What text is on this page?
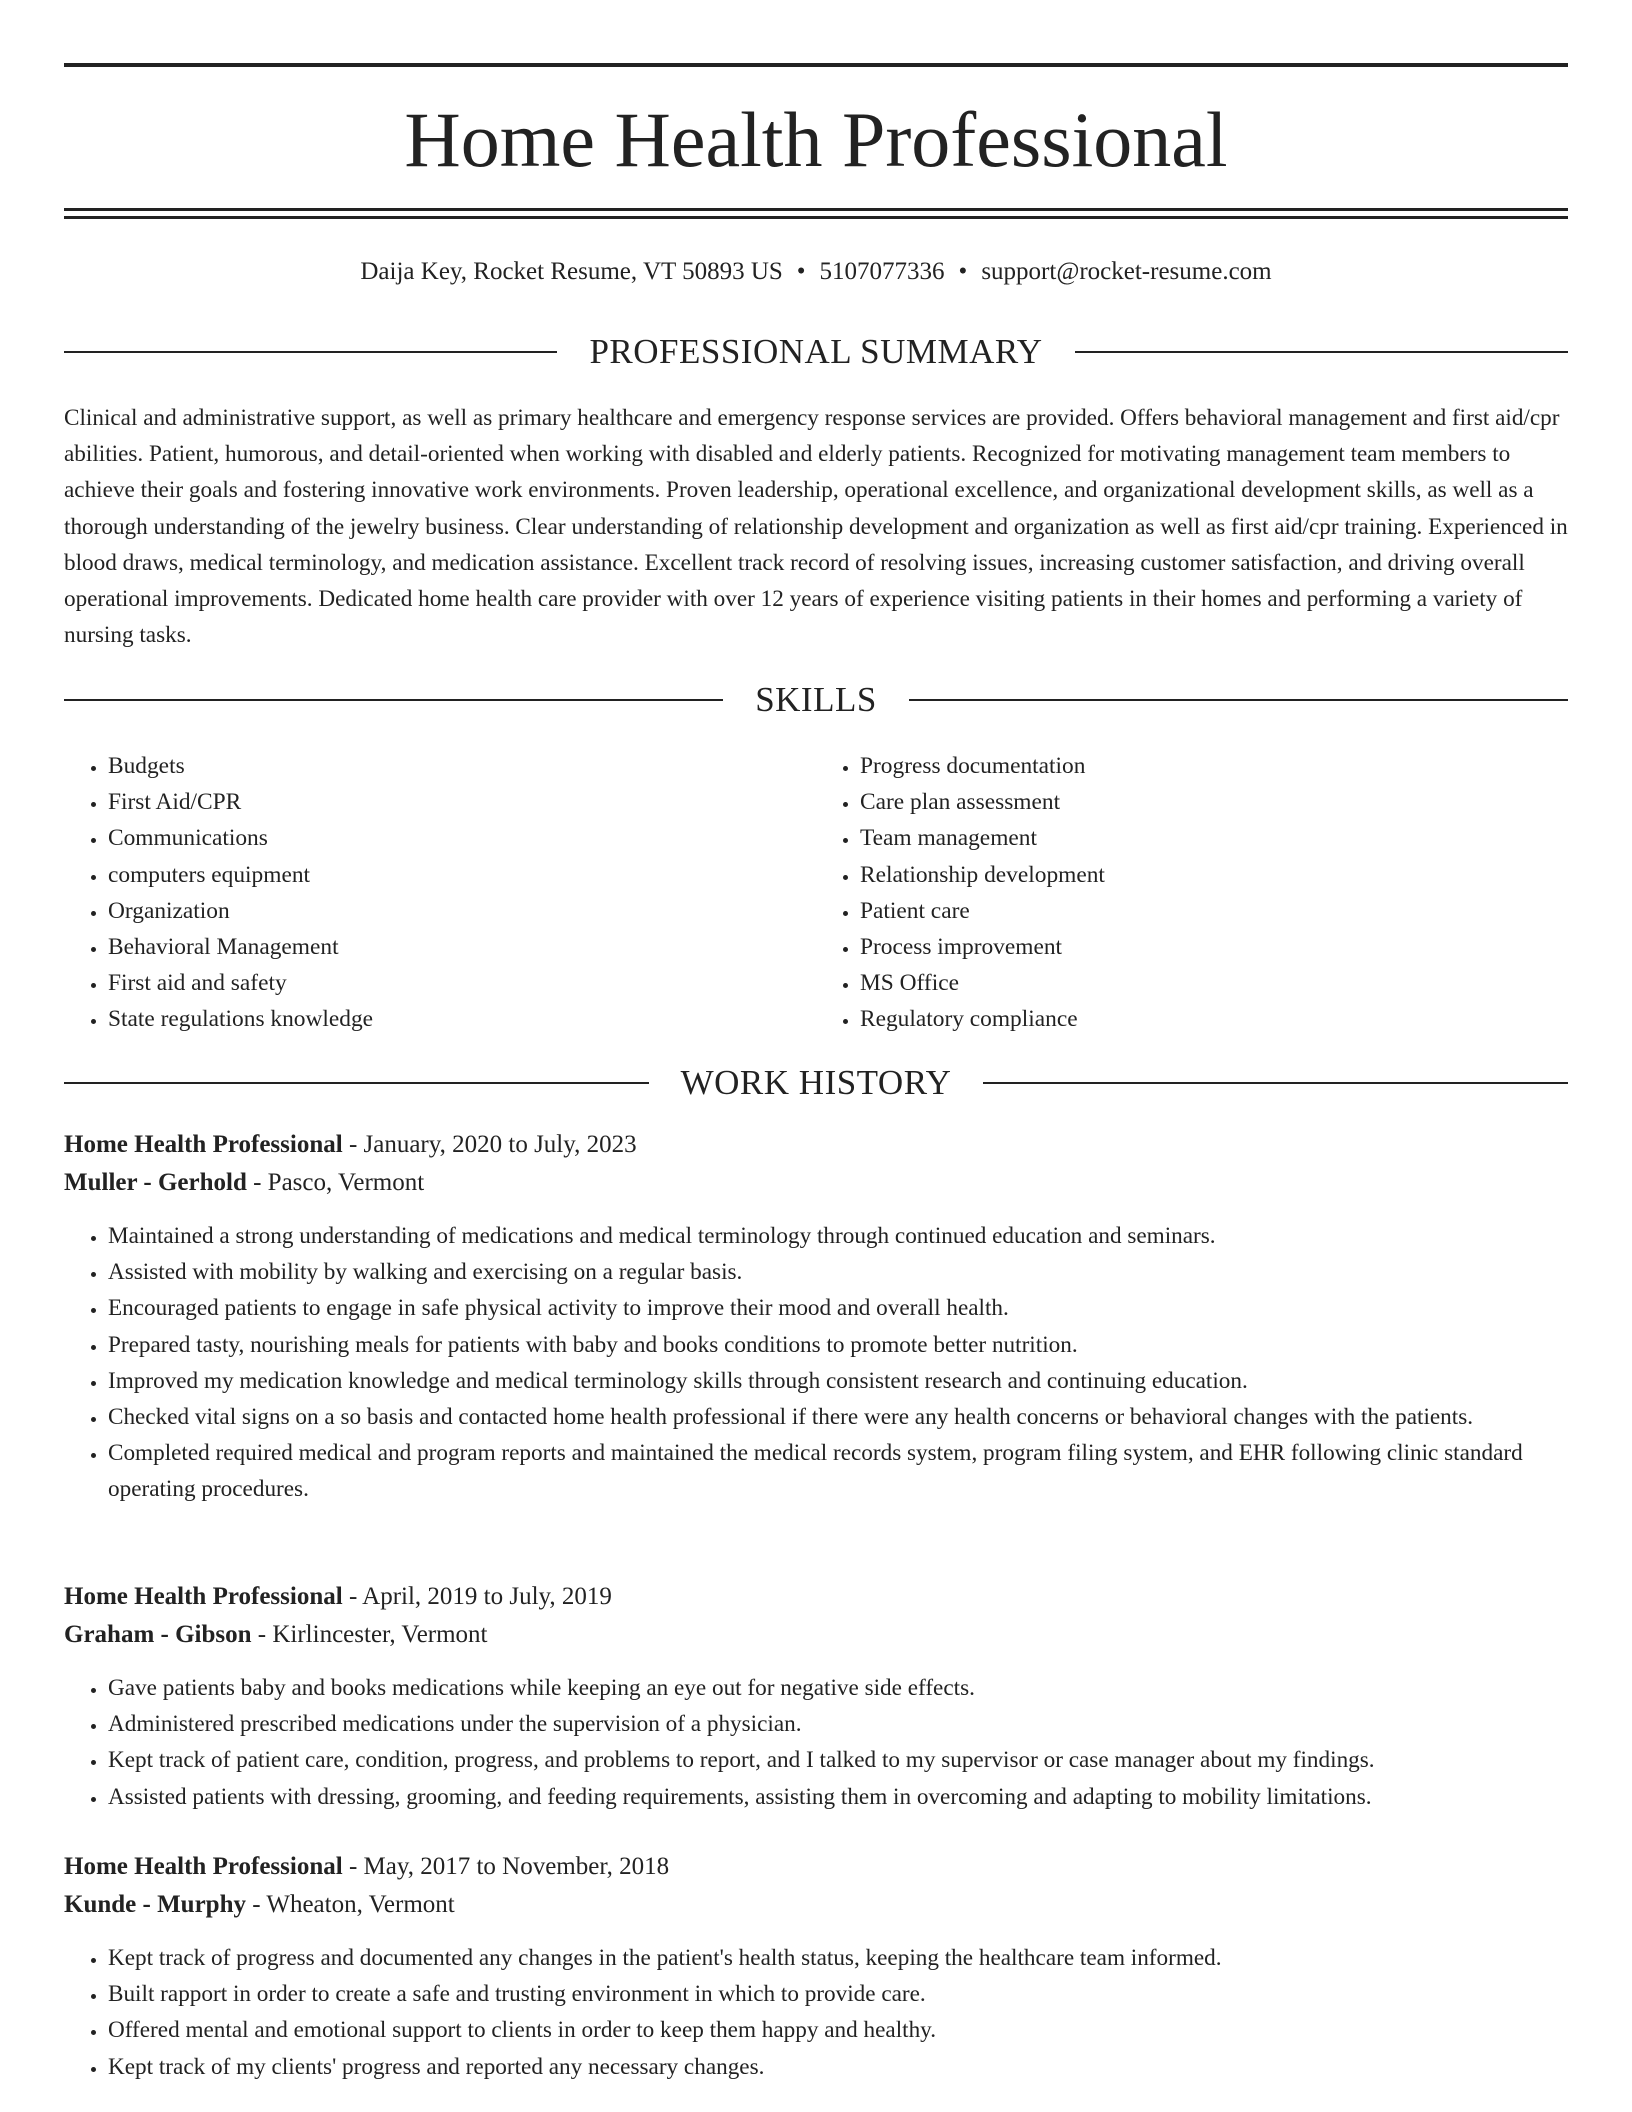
Home Health Professional
Daija Key, Rocket Resume, VT 50893 US • 5107077336 • support@rocket-resume.com
PROFESSIONAL SUMMARY

Clinical and administrative support, as well as primary healthcare and emergency response services are provided. Offers behavioral management and first aid/cpr abilities. Patient, humorous, and detail-oriented when working with disabled and elderly patients. Recognized for motivating management team members to achieve their goals and fostering innovative work environments. Proven leadership, operational excellence, and organizational development skills, as well as a thorough understanding of the jewelry business. Clear understanding of relationship development and organization as well as first aid/cpr training. Experienced in blood draws, medical terminology, and medication assistance. Excellent track record of resolving issues, increasing customer satisfaction, and driving overall operational improvements. Dedicated home health care provider with over 12 years of experience visiting patients in their homes and performing a variety of nursing tasks.

SKILLS
• Budgets
• First Aid/CPR
• Communications
• computers equipment
• Organization
• Behavioral Management
• First aid and safety
• State regulations knowledge
• Progress documentation
• Care plan assessment
• Team management
• Relationship development
• Patient care
• Process improvement
• MS Office
• Regulatory compliance
WORK HISTORY
Home Health Professional - January, 2020 to July, 2023
Muller - Gerhold - Pasco, Vermont
• Maintained a strong understanding of medications and medical terminology through continued education and seminars.
• Assisted with mobility by walking and exercising on a regular basis.
• Encouraged patients to engage in safe physical activity to improve their mood and overall health.
• Prepared tasty, nourishing meals for patients with baby and books conditions to promote better nutrition.
• Improved my medication knowledge and medical terminology skills through consistent research and continuing education.
• Checked vital signs on a so basis and contacted home health professional if there were any health concerns or behavioral changes with the patients.
• Completed required medical and program reports and maintained the medical records system, program filing system, and EHR following clinic standard operating procedures.
Home Health Professional - April, 2019 to July, 2019
Graham - Gibson - Kirlincester, Vermont
• Gave patients baby and books medications while keeping an eye out for negative side effects.
• Administered prescribed medications under the supervision of a physician.
• Kept track of patient care, condition, progress, and problems to report, and I talked to my supervisor or case manager about my findings.
• Assisted patients with dressing, grooming, and feeding requirements, assisting them in overcoming and adapting to mobility limitations.
Home Health Professional - May, 2017 to November, 2018
Kunde - Murphy - Wheaton, Vermont
• Kept track of progress and documented any changes in the patient's health status, keeping the healthcare team informed.
• Built rapport in order to create a safe and trusting environment in which to provide care.
• Offered mental and emotional support to clients in order to keep them happy and healthy.
• Kept track of my clients' progress and reported any necessary changes.
